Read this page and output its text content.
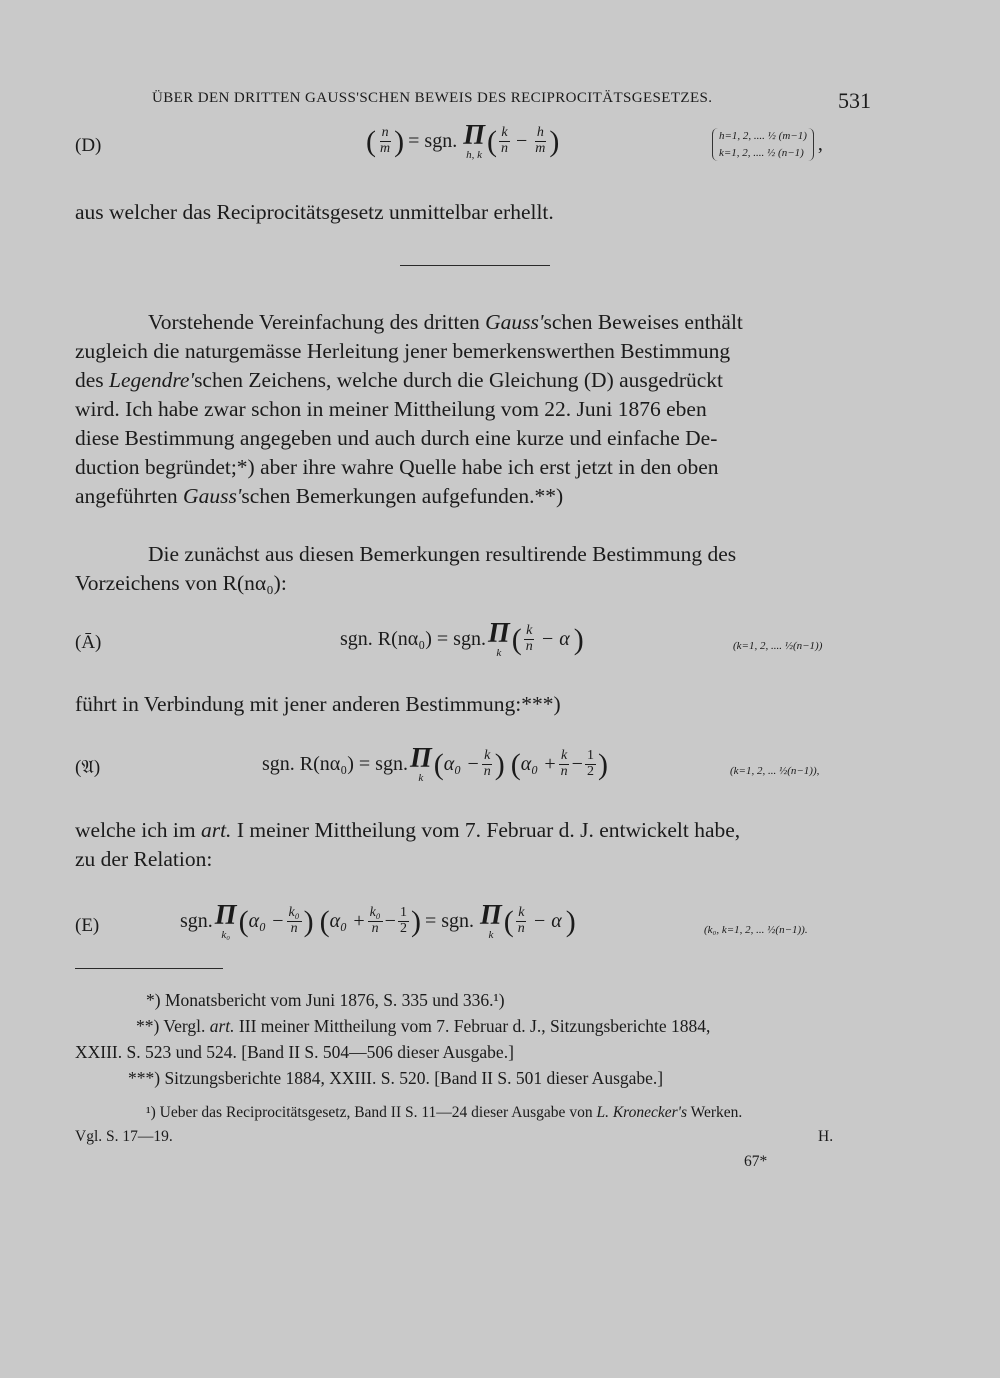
ÜBER DEN DRITTEN GAUSS'SCHEN BEWEIS DES RECIPROCITÄTSGESETZES.	531
(D)	( $\frac{n}{m}$ ) = sgn. Π
h, k ( $\frac{k}{n} - \frac{h}{m}$ )	h=1, 2, .... ½ (m−1)
k=1, 2, .... ½ (n−1) ,
aus welcher das Reciprocitätsgesetz unmittelbar erhellt.
Vorstehende Vereinfachung des dritten Gauss'schen Beweises enthält
zugleich die naturgemässe Herleitung jener bemerkenswerthen Bestimmung
des Legendre'schen Zeichens, welche durch die Gleichung (D) ausgedrückt
wird. Ich habe zwar schon in meiner Mittheilung vom 22. Juni 1876 eben
diese Bestimmung angegeben und auch durch eine kurze und einfache De-
duction begründet;*) aber ihre wahre Quelle habe ich erst jetzt in den oben
angeführten Gauss'schen Bemerkungen aufgefunden.**)
Die zunächst aus diesen Bemerkungen resultirende Bestimmung des
Vorzeichens von R(nα₀):
(Ā)	sgn. R(nα₀) = sgn. Π
k ( $\frac{k}{n} - \alpha$ )	(k=1, 2, .... ½(n−1))
führt in Verbindung mit jener anderen Bestimmung:***)
(𝔄)	sgn. R(nα₀) = sgn. Π
k ( $\alpha_0 - \frac{k}{n}$ ) ( $\alpha_0 + \frac{k}{n} - \frac{1}{2}$ )	(k=1, 2, ... ½(n−1)),
welche ich im art. I meiner Mittheilung vom 7. Februar d. J. entwickelt habe,
zu der Relation:
(E)	sgn. Π
k₀ ( $\alpha_0 - \frac{\text{k₀}}{n}$ ) ( $\alpha_0 + \frac{\text{k₀}}{n} - \frac{1}{2}$ ) = sgn. Π
k ( $\frac{k}{n} - \alpha$ )	(k₀, k=1, 2, ... ½(n−1)).
*) Monatsbericht vom Juni 1876, S. 335 und 336.¹)
**) Vergl. art. III meiner Mittheilung vom 7. Februar d. J., Sitzungsberichte 1884,
XXIII. S. 523 und 524. [Band II S. 504—506 dieser Ausgabe.]
***) Sitzungsberichte 1884, XXIII. S. 520. [Band II S. 501 dieser Ausgabe.]
¹) Ueber das Reciprocitätsgesetz, Band II S. 11—24 dieser Ausgabe von L. Kronecker's Werken.
Vgl. S. 17—19.	H.
67*
